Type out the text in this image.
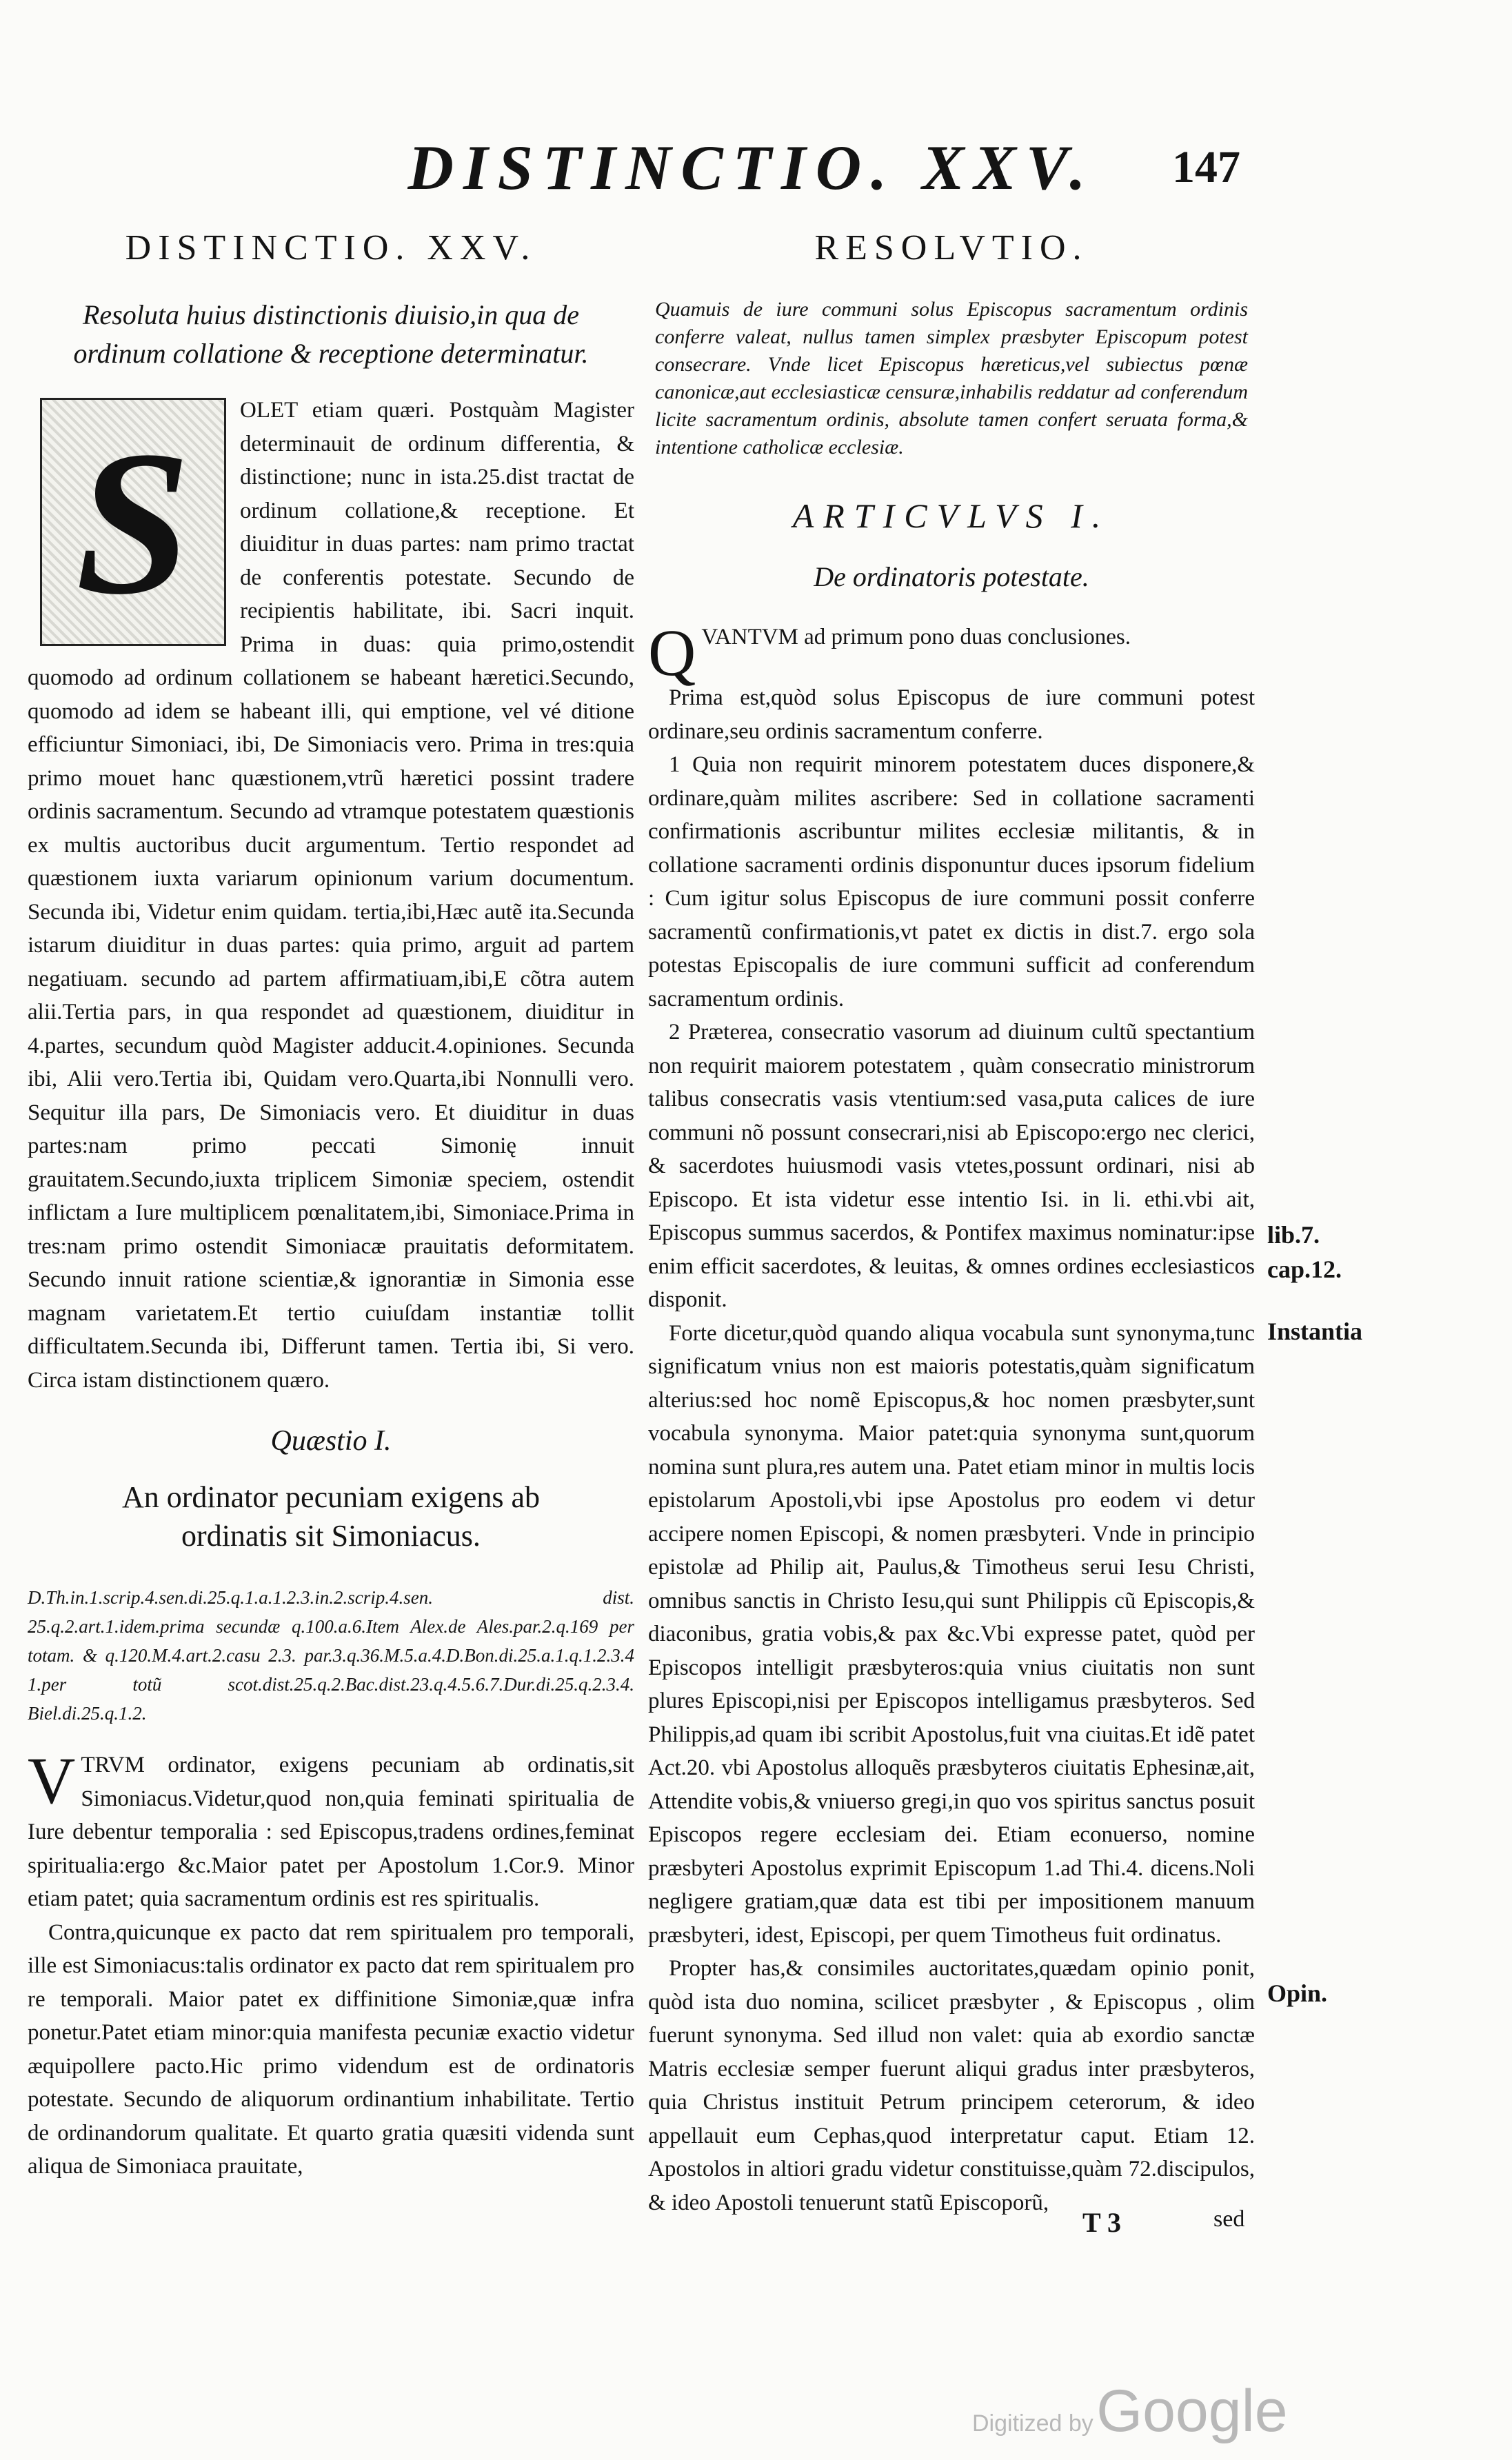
DISTINCTIO. XXV.	147
DISTINCTIO. XXV.
Resoluta huius distinctionis diuisio,in qua de ordinum collatione & receptione determinatur.
S	OLET etiam quæri. Postquàm Magister determinauit de ordinum differentia, & distinctione; nunc in ista.25.dist tractat de ordinum collatione,& receptione. Et diuiditur in duas partes: nam primo tractat de conferentis potestate. Secundo de recipientis habilitate, ibi. Sacri inquit. Prima in duas: quia primo,ostendit quomodo ad ordinum collationem se habeant hæretici.Secundo, quomodo ad idem se habeant illi, qui emptione, vel vé ditione efficiuntur Simoniaci, ibi, De Simoniacis vero. Prima in tres:quia primo mouet hanc quæstionem,vtrũ hæretici possint tradere ordinis sacramentum. Secundo ad vtramque potestatem quæstionis ex multis auctoribus ducit argumentum. Tertio respondet ad quæstionem iuxta variarum opinionum varium documentum. Secunda ibi, Videtur enim quidam. tertia,ibi,Hæc autẽ ita.Secunda istarum diuiditur in duas partes: quia primo, arguit ad partem negatiuam. secundo ad partem affirmatiuam,ibi,E cõtra autem alii.Tertia pars, in qua respondet ad quæstionem, diuiditur in 4.partes, secundum quòd Magister adducit.4.opiniones. Secunda ibi, Alii vero.Tertia ibi, Quidam vero.Quarta,ibi Nonnulli vero. Sequitur illa pars, De Simoniacis vero. Et diuiditur in duas partes:nam primo peccati Simonię innuit grauitatem.Secundo,iuxta triplicem Simoniæ speciem, ostendit inflictam a Iure multiplicem pœnalitatem,ibi, Simoniace.Prima in tres:nam primo ostendit Simoniacæ prauitatis deformitatem. Secundo innuit ratione scientiæ,& ignorantiæ in Simonia esse magnam varietatem.Et tertio cuiuſdam instantiæ tollit difficultatem.Secunda ibi, Differunt tamen. Tertia ibi, Si vero. Circa istam distinctionem quæro.

Quæstio I.
An ordinator pecuniam exigens ab ordinatis sit Simoniacus.
D.Th.in.1.scrip.4.sen.di.25.q.1.a.1.2.3.in.2.scrip.4.sen. dist. 25.q.2.art.1.idem.prima secundæ q.100.a.6.Item Alex.de Ales.par.2.q.169 per totam. & q.120.M.4.art.2.casu 2.3. par.3.q.36.M.5.a.4.D.Bon.di.25.a.1.q.1.2.3.4 1.per totũ scot.dist.25.q.2.Bac.dist.23.q.4.5.6.7.Dur.di.25.q.2.3.4. Biel.di.25.q.1.2.

VTRVM ordinator, exigens pecuniam ab ordinatis,sit Simoniacus.Videtur,quod non,quia feminati spiritualia de Iure debentur temporalia : sed Episcopus,tradens ordines,feminat spiritualia:ergo &c.Maior patet per Apostolum 1.Cor.9. Minor etiam patet; quia sacramentum ordinis est res spiritualis.

Contra,quicunque ex pacto dat rem spiritualem pro temporali, ille est Simoniacus:talis ordinator ex pacto dat rem spiritualem pro re temporali. Maior patet ex diffinitione Simoniæ,quæ infra ponetur.Patet etiam minor:quia manifesta pecuniæ exactio videtur æquipollere pacto.Hic primo videndum est de ordinatoris potestate. Secundo de aliquorum ordinantium inhabilitate. Tertio de ordinandorum qualitate. Et quarto gratia quæsiti videnda sunt aliqua de Simoniaca prauitate,

RESOLVTIO.
Quamuis de iure communi solus Episcopus sacramentum ordinis conferre valeat, nullus tamen simplex præsbyter Episcopum potest consecrare. Vnde licet Episcopus hæreticus,vel subiectus pœnæ canonicæ,aut ecclesiasticæ censuræ,inhabilis reddatur ad conferendum licite sacramentum ordinis, absolute tamen confert seruata forma,& intentione catholicæ ecclesiæ.
ARTICVLVS I.
De ordinatoris potestate.

QVANTVM ad primum pono duas conclusiones.

Prima est,quòd solus Episcopus de iure communi potest ordinare,seu ordinis sacramentum conferre.

1 Quia non requirit minorem potestatem duces disponere,& ordinare,quàm milites ascribere: Sed in collatione sacramenti confirmationis ascribuntur milites ecclesiæ militantis, & in collatione sacramenti ordinis disponuntur duces ipsorum fidelium : Cum igitur solus Episcopus de iure communi possit conferre sacramentũ confirmationis,vt patet ex dictis in dist.7. ergo sola potestas Episcopalis de iure communi sufficit ad conferendum sacramentum ordinis.

2 Præterea, consecratio vasorum ad diuinum cultũ spectantium non requirit maiorem potestatem , quàm consecratio ministrorum talibus consecratis vasis vtentium:sed vasa,puta calices de iure communi nõ possunt consecrari,nisi ab Episcopo:ergo nec clerici, & sacerdotes huiusmodi vasis vtetes,possunt ordinari, nisi ab Episcopo. Et ista videtur esse intentio Isi. in li. ethi.vbi ait, Episcopus summus sacerdos, & Pontifex maximus nominatur:ipse enim efficit sacerdotes, & leuitas, & omnes ordines ecclesiasticos disponit.

Forte dicetur,quòd quando aliqua vocabula sunt synonyma,tunc significatum vnius non est maioris potestatis,quàm significatum alterius:sed hoc nomẽ Episcopus,& hoc nomen præsbyter,sunt vocabula synonyma. Maior patet:quia synonyma sunt,quorum nomina sunt plura,res autem una. Patet etiam minor in multis locis epistolarum Apostoli,vbi ipse Apostolus pro eodem vi detur accipere nomen Episcopi, & nomen præsbyteri. Vnde in principio epistolæ ad Philip ait, Paulus,& Timotheus serui Iesu Christi, omnibus sanctis in Christo Iesu,qui sunt Philippis cũ Episcopis,& diaconibus, gratia vobis,& pax &c.Vbi expresse patet, quòd per Episcopos intelligit præsbyteros:quia vnius ciuitatis non sunt plures Episcopi,nisi per Episcopos intelligamus præsbyteros. Sed Philippis,ad quam ibi scribit Apostolus,fuit vna ciuitas.Et idẽ patet Act.20. vbi Apostolus alloquẽs præsbyteros ciuitatis Ephesinæ,ait, Attendite vobis,& vniuerso gregi,in quo vos spiritus sanctus posuit Episcopos regere ecclesiam dei. Etiam econuerso, nomine præsbyteri Apostolus exprimit Episcopum 1.ad Thi.4. dicens.Noli negligere gratiam,quæ data est tibi per impositionem manuum præsbyteri, idest, Episcopi, per quem Timotheus fuit ordinatus.

Propter has,& consimiles auctoritates,quædam opinio ponit, quòd ista duo nomina, scilicet præsbyter , & Episcopus , olim fuerunt synonyma. Sed illud non valet: quia ab exordio sanctæ Matris ecclesiæ semper fuerunt aliqui gradus inter præsbyteros, quia Christus instituit Petrum principem ceterorum, & ideo appellauit eum Cephas,quod interpretatur caput. Etiam 12. Apostolos in altiori gradu videtur constituisse,quàm 72.discipulos, & ideo Apostoli tenuerunt statũ Episcoporũ,

lib.7.
cap.12.
Instantia
Opin.
T 3	sed
Digitized by Google
